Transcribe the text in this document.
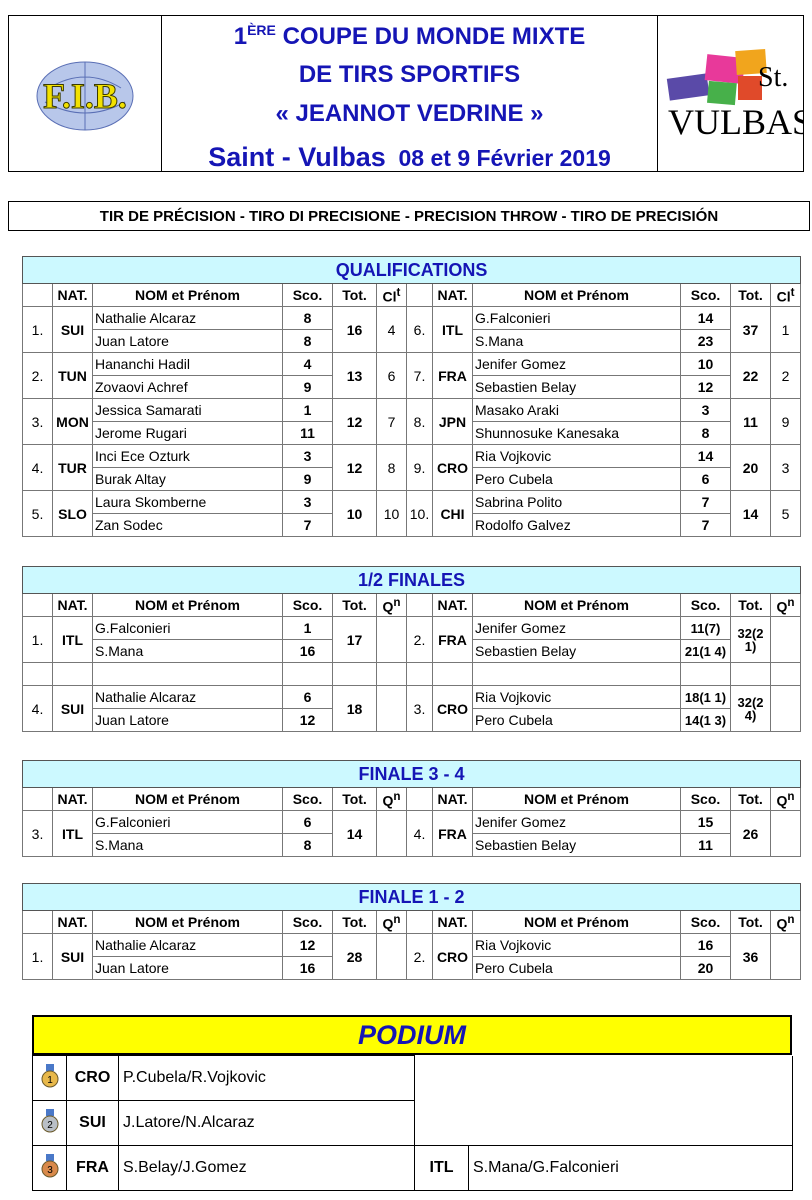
F.I.B.
1ÈRE COUPE DU MONDE MIXTE
DE TIRS SPORTIFS
« JEANNOT VEDRINE »
Saint - Vulbas 08 et 9 Février 2019
St.
VULBAS
TIR DE PRÉCISION - TIRO DI PRECISIONE - PRECISION THROW - TIRO DE PRECISIÓN
QUALIFICATIONS											
	NAT.	NOM et Prénom	Sco.	Tot.	Cl$^t$		NAT.	NOM et Prénom	Sco.	Tot.	Cl$^t$
1.	SUI	Nathalie Alcaraz	8	16	4	6.	ITL	G.Falconieri	14	37	1
		Juan Latore	8					S.Mana	23		
2.	TUN	Hananchi Hadil	4	13	6	7.	FRA	Jenifer Gomez	10	22	2
		Zovaovi Achref	9					Sebastien Belay	12		
3.	MON	Jessica Samarati	1	12	7	8.	JPN	Masako Araki	3	11	9
		Jerome Rugari	11					Shunnosuke Kanesaka	8		
4.	TUR	Inci Ece Ozturk	3	12	8	9.	CRO	Ria Vojkovic	14	20	3
		Burak Altay	9					Pero Cubela	6		
5.	SLO	Laura Skomberne	3	10	10	10.	CHI	Sabrina Polito	7	14	5
		Zan Sodec	7					Rodolfo Galvez	7		
1/2 FINALES											
	NAT.	NOM et Prénom	Sco.	Tot.	$Q^n$		NAT.	NOM et Prénom	Sco.	Tot.	$Q^n$
1.	ITL	G.Falconieri	1	17		2.	FRA	Jenifer Gomez	11(7)	32(2 1)	
		S.Mana	16					Sebastien Belay	21(1 4)		

4.	SUI	Nathalie Alcaraz	6	18		3.	CRO	Ria Vojkovic	18(1 1)	32(2 4)	
		Juan Latore	12					Pero Cubela	14(1 3)		
FINALE 3 - 4											
	NAT.	NOM et Prénom	Sco.	Tot.	$Q^n$		NAT.	NOM et Prénom	Sco.	Tot.	$Q^n$
3.	ITL	G.Falconieri	6	14		4.	FRA	Jenifer Gomez	15	26	
		S.Mana	8					Sebastien Belay	11		
FINALE 1 - 2											
	NAT.	NOM et Prénom	Sco.	Tot.	$Q^n$		NAT.	NOM et Prénom	Sco.	Tot.	$Q^n$
1.	SUI	Nathalie Alcaraz	12	28		2.	CRO	Ria Vojkovic	16	36	
		Juan Latore	16					Pero Cubela	20		
PODIUM
1	CRO	P.Cubela/R.Vojkovic		

2	SUI	J.Latore/N.Alcaraz		

3	FRA	S.Belay/J.Gomez	ITL	S.Mana/G.Falconieri
